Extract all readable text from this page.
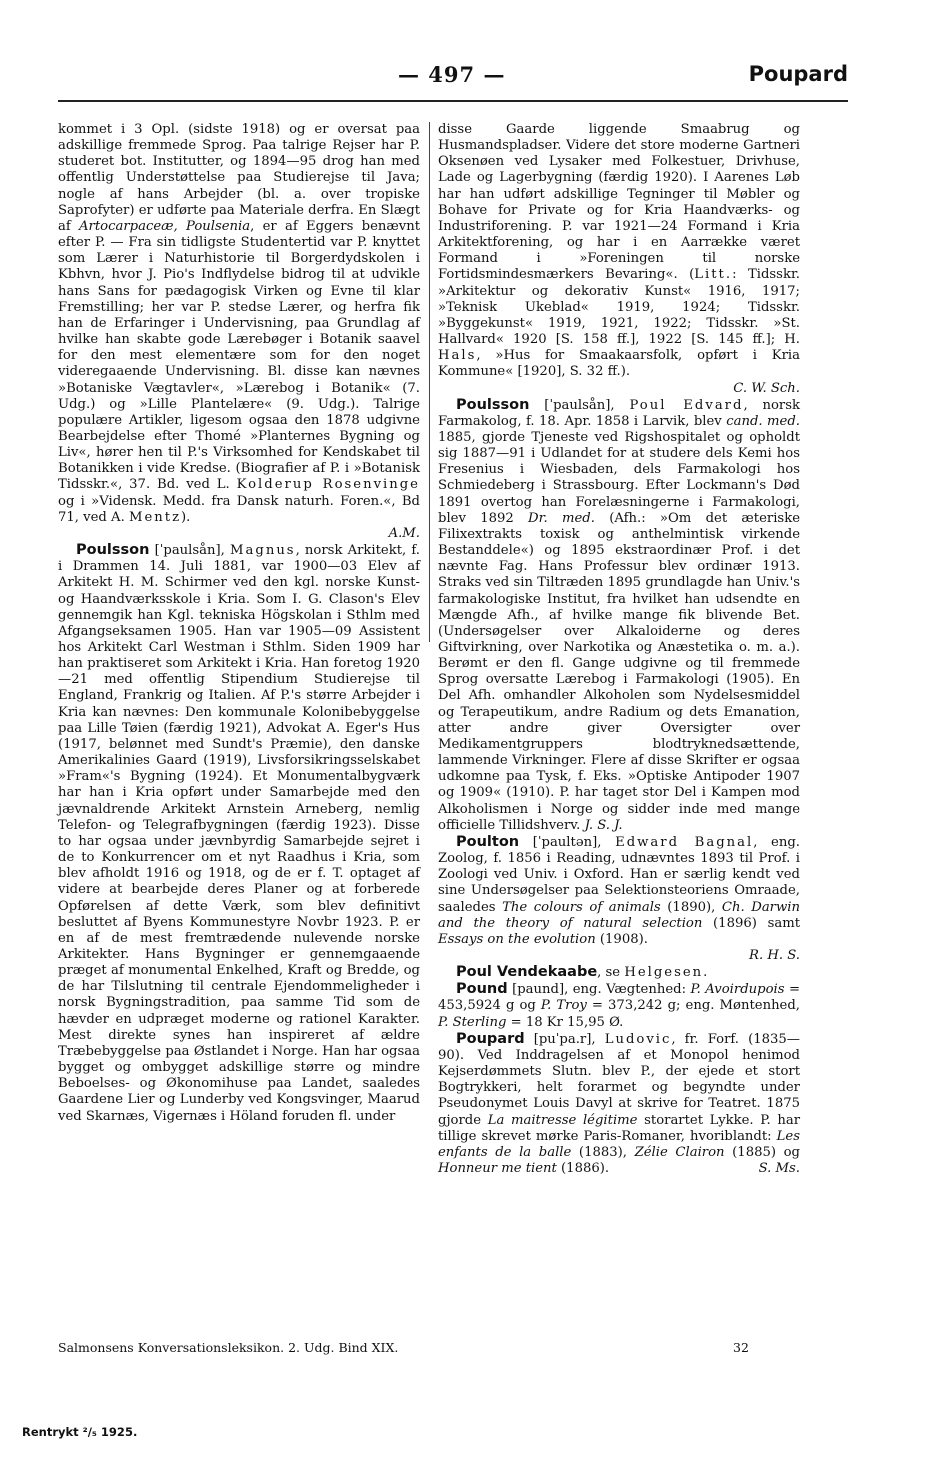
— 497 —	Poupard

kommet i 3 Opl. (sidste 1918) og er oversat paa adskillige fremmede Sprog. Paa talrige Rejser har P. studeret bot. Institutter, og 1894—95 drog han med offentlig Understøttelse paa Studierejse til Java; nogle af hans Arbejder (bl. a. over tropiske Saprofyter) er udførte paa Materiale derfra. En Slægt af Artocarpaceæ, Poulsenia, er af Eggers benævnt efter P. — Fra sin tidligste Studentertid var P. knyttet som Lærer i Naturhistorie til Borgerdydskolen i Kbhvn, hvor J. Pio's Indflydelse bidrog til at udvikle hans Sans for pædagogisk Virken og Evne til klar Fremstilling; her var P. stedse Lærer, og herfra fik han de Erfaringer i Undervisning, paa Grundlag af hvilke han skabte gode Lærebøger i Botanik saavel for den mest elementære som for den noget videregaaende Undervisning. Bl. disse kan nævnes »Botaniske Vægtavler«, »Lærebog i Botanik« (7. Udg.) og »Lille Plantelære« (9. Udg.). Talrige populære Artikler, ligesom ogsaa den 1878 udgivne Bearbejdelse efter Thomé »Planternes Bygning og Liv«, hører hen til P.'s Virksomhed for Kendskabet til Botanikken i vide Kredse. (Biografier af P. i »Botanisk Tidsskr.«, 37. Bd. ved L. Kolderup Rosenvinge og i »Vidensk. Medd. fra Dansk naturh. Foren.«, Bd 71, ved A. Mentz).

A.M.

Poulsson [ˈpaulsån], Magnus, norsk Arkitekt, f. i Drammen 14. Juli 1881, var 1900—03 Elev af Arkitekt H. M. Schirmer ved den kgl. norske Kunst- og Haandværksskole i Kria. Som I. G. Clason's Elev gennemgik han Kgl. tekniska Högskolan i Sthlm med Afgangseksamen 1905. Han var 1905—09 Assistent hos Arkitekt Carl Westman i Sthlm. Siden 1909 har han praktiseret som Arkitekt i Kria. Han foretog 1920—21 med offentlig Stipendium Studierejse til England, Frankrig og Italien. Af P.'s større Arbejder i Kria kan nævnes: Den kommunale Kolonibebyggelse paa Lille Tøien (færdig 1921), Advokat A. Eger's Hus (1917, belønnet med Sundt's Præmie), den danske Amerikalinies Gaard (1919), Livsforsikringsselskabet »Fram«'s Bygning (1924). Et Monumentalbygværk har han i Kria opført under Samarbejde med den jævnaldrende Arkitekt Arnstein Arneberg, nemlig Telefon- og Telegrafbygningen (færdig 1923). Disse to har ogsaa under jævnbyrdig Samarbejde sejret i de to Konkurrencer om et nyt Raadhus i Kria, som blev afholdt 1916 og 1918, og de er f. T. optaget af videre at bearbejde deres Planer og at forberede Opførelsen af dette Værk, som blev definitivt besluttet af Byens Kommunestyre Novbr 1923. P. er en af de mest fremtrædende nulevende norske Arkitekter. Hans Bygninger er gennemgaaende præget af monumental Enkelhed, Kraft og Bredde, og de har Tilslutning til centrale Ejendommeligheder i norsk Bygningstradition, paa samme Tid som de hævder en udpræget moderne og rationel Karakter. Mest direkte synes han inspireret af ældre Træbebyggelse paa Østlandet i Norge. Han har ogsaa bygget og ombygget adskillige større og mindre Beboelses- og Økonomihuse paa Landet, saaledes Gaardene Lier og Lunderby ved Kongsvinger, Maarud ved Skarnæs, Vigernæs i Höland foruden fl. under

disse Gaarde liggende Smaabrug og Husmandspladser. Videre det store moderne Gartneri Oksenøen ved Lysaker med Folkestuer, Drivhuse, Lade og Lagerbygning (færdig 1920). I Aarenes Løb har han udført adskillige Tegninger til Møbler og Bohave for Private og for Kria Haandværks- og Industriforening. P. var 1921—24 Formand i Kria Arkitektforening, og har i en Aarrække været Formand i »Foreningen til norske Fortidsmindesmærkers Bevaring«. (Litt.: Tidsskr. »Arkitektur og dekorativ Kunst« 1916, 1917; »Teknisk Ukeblad« 1919, 1924; Tidsskr. »Byggekunst« 1919, 1921, 1922; Tidsskr. »St. Hallvard« 1920 [S. 158 ff.], 1922 [S. 145 ff.]; H. Hals, »Hus for Smaakaarsfolk, opført i Kria Kommune« [1920], S. 32 ff.).

C. W. Sch.

Poulsson [ˈpaulsån], Poul Edvard, norsk Farmakolog, f. 18. Apr. 1858 i Larvik, blev cand. med. 1885, gjorde Tjeneste ved Rigshospitalet og opholdt sig 1887—91 i Udlandet for at studere dels Kemi hos Fresenius i Wiesbaden, dels Farmakologi hos Schmiedeberg i Strassbourg. Efter Lockmann's Død 1891 overtog han Forelæsningerne i Farmakologi, blev 1892 Dr. med. (Afh.: »Om det æteriske Filixextrakts toxisk og anthelmintisk virkende Bestanddele«) og 1895 ekstraordinær Prof. i det nævnte Fag. Hans Professur blev ordinær 1913. Straks ved sin Tiltræden 1895 grundlagde han Univ.'s farmakologiske Institut, fra hvilket han udsendte en Mængde Afh., af hvilke mange fik blivende Bet. (Undersøgelser over Alkaloiderne og deres Giftvirkning, over Narkotika og Anæstetika o. m. a.). Berømt er den fl. Gange udgivne og til fremmede Sprog oversatte Lærebog i Farmakologi (1905). En Del Afh. omhandler Alkoholen som Nydelsesmiddel og Terapeutikum, andre Radium og dets Emanation, atter andre giver Oversigter over Medikamentgruppers blodtryknedsættende, lammende Virkninger. Flere af disse Skrifter er ogsaa udkomne paa Tysk, f. Eks. »Optiske Antipoder 1907 og 1909« (1910). P. har taget stor Del i Kampen mod Alkoholismen i Norge og sidder inde med mange officielle Tillidshverv. J. S. J.

Poulton [ˈpaultən], Edward Bagnal, eng. Zoolog, f. 1856 i Reading, udnævntes 1893 til Prof. i Zoologi ved Univ. i Oxford. Han er særlig kendt ved sine Undersøgelser paa Selektionsteoriens Omraade, saaledes The colours of animals (1890), Ch. Darwin and the theory of natural selection (1896) samt Essays on the evolution (1908).

R. H. S.

Poul Vendekaabe, se Helgesen.

Pound [paund], eng. Vægtenhed: P. Avoirdupois = 453,5924 g og P. Troy = 373,242 g; eng. Møntenhed, P. Sterling = 18 Kr 15,95 Ø.

Poupard [puˈpa.r], Ludovic, fr. Forf. (1835—90). Ved Inddragelsen af et Monopol henimod Kejserdømmets Slutn. blev P., der ejede et stort Bogtrykkeri, helt forarmet og begyndte under Pseudonymet Louis Davyl at skrive for Teatret. 1875 gjorde La maitresse légitime storartet Lykke. P. har tillige skrevet mørke Paris-Romaner, hvoriblandt: Les enfants de la balle (1883), Zélie Clairon (1885) og Honneur me tient (1886).	S. Ms.

Salmonsens Konversationsleksikon. 2. Udg. Bind XIX.	32
Rentrykt ²/₅ 1925.
